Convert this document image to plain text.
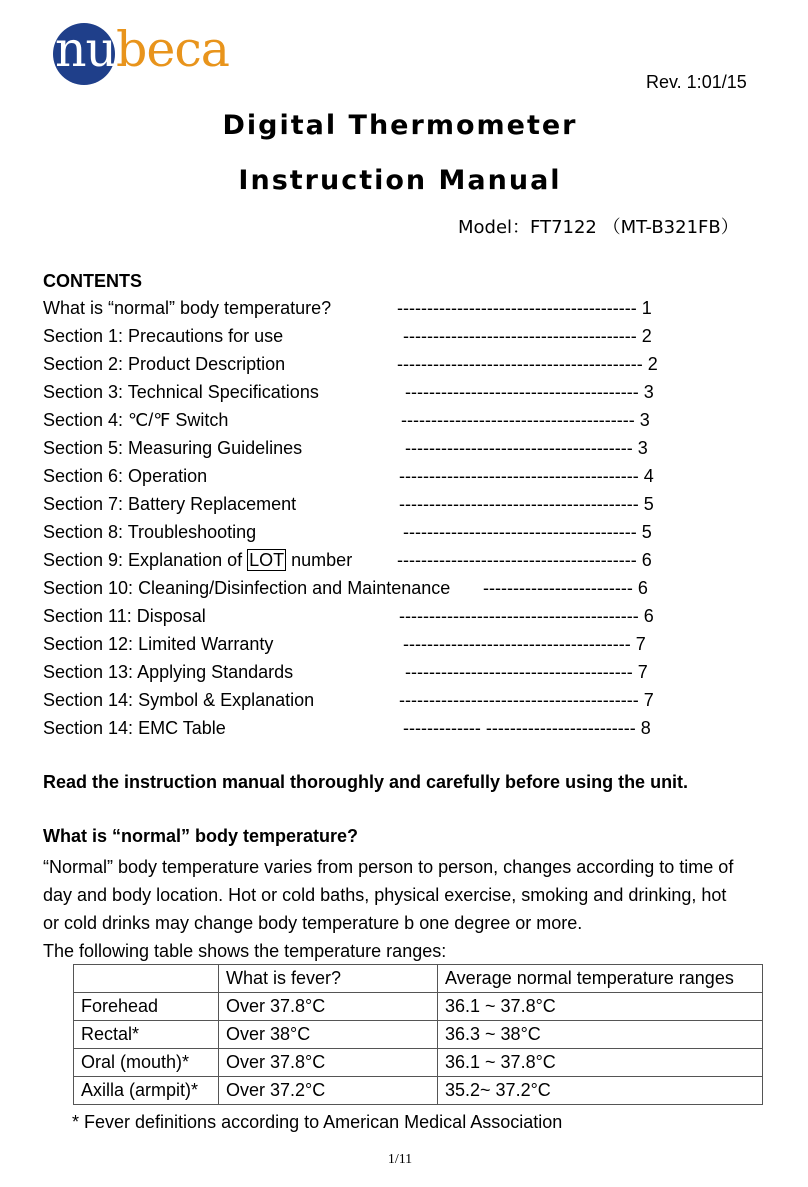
nu beca
Rev. 1:01/15
Digital Thermometer
Instruction Manual
Model：FT7122 （MT-B321FB）
CONTENTS
What is “normal” body temperature?	---------------------------------------- 1
Section 1: Precautions for use	--------------------------------------- 2
Section 2: Product Description	----------------------------------------- 2
Section 3: Technical Specifications	--------------------------------------- 3
Section 4: ℃/℉ Switch	--------------------------------------- 3
Section 5: Measuring Guidelines	-------------------------------------- 3
Section 6: Operation	---------------------------------------- 4
Section 7: Battery Replacement	---------------------------------------- 5
Section 8: Troubleshooting	--------------------------------------- 5
Section 9: Explanation of LOT number ---------------------------------------- 6
Section 10: Cleaning/Disinfection and Maintenance ------------------------- 6
Section 11: Disposal	---------------------------------------- 6
Section 12: Limited Warranty	-------------------------------------- 7
Section 13: Applying Standards	-------------------------------------- 7
Section 14: Symbol & Explanation	---------------------------------------- 7
Section 14: EMC Table	------------- ------------------------- 8
Read the instruction manual thoroughly and carefully before using the unit.
What is “normal” body temperature?
“Normal” body temperature varies from person to person, changes according to time of
day and body location. Hot or cold baths, physical exercise, smoking and drinking, hot
or cold drinks may change body temperature b one degree or more.
The following table shows the temperature ranges:
	What is fever?	Average normal temperature ranges
Forehead	Over 37.8°C	36.1 ~ 37.8°C
Rectal*	Over 38°C	36.3 ~ 38°C
Oral (mouth)*	Over 37.8°C	36.1 ~ 37.8°C
Axilla (armpit)*	Over 37.2°C	35.2~ 37.2°C
* Fever definitions according to American Medical Association
1/11
